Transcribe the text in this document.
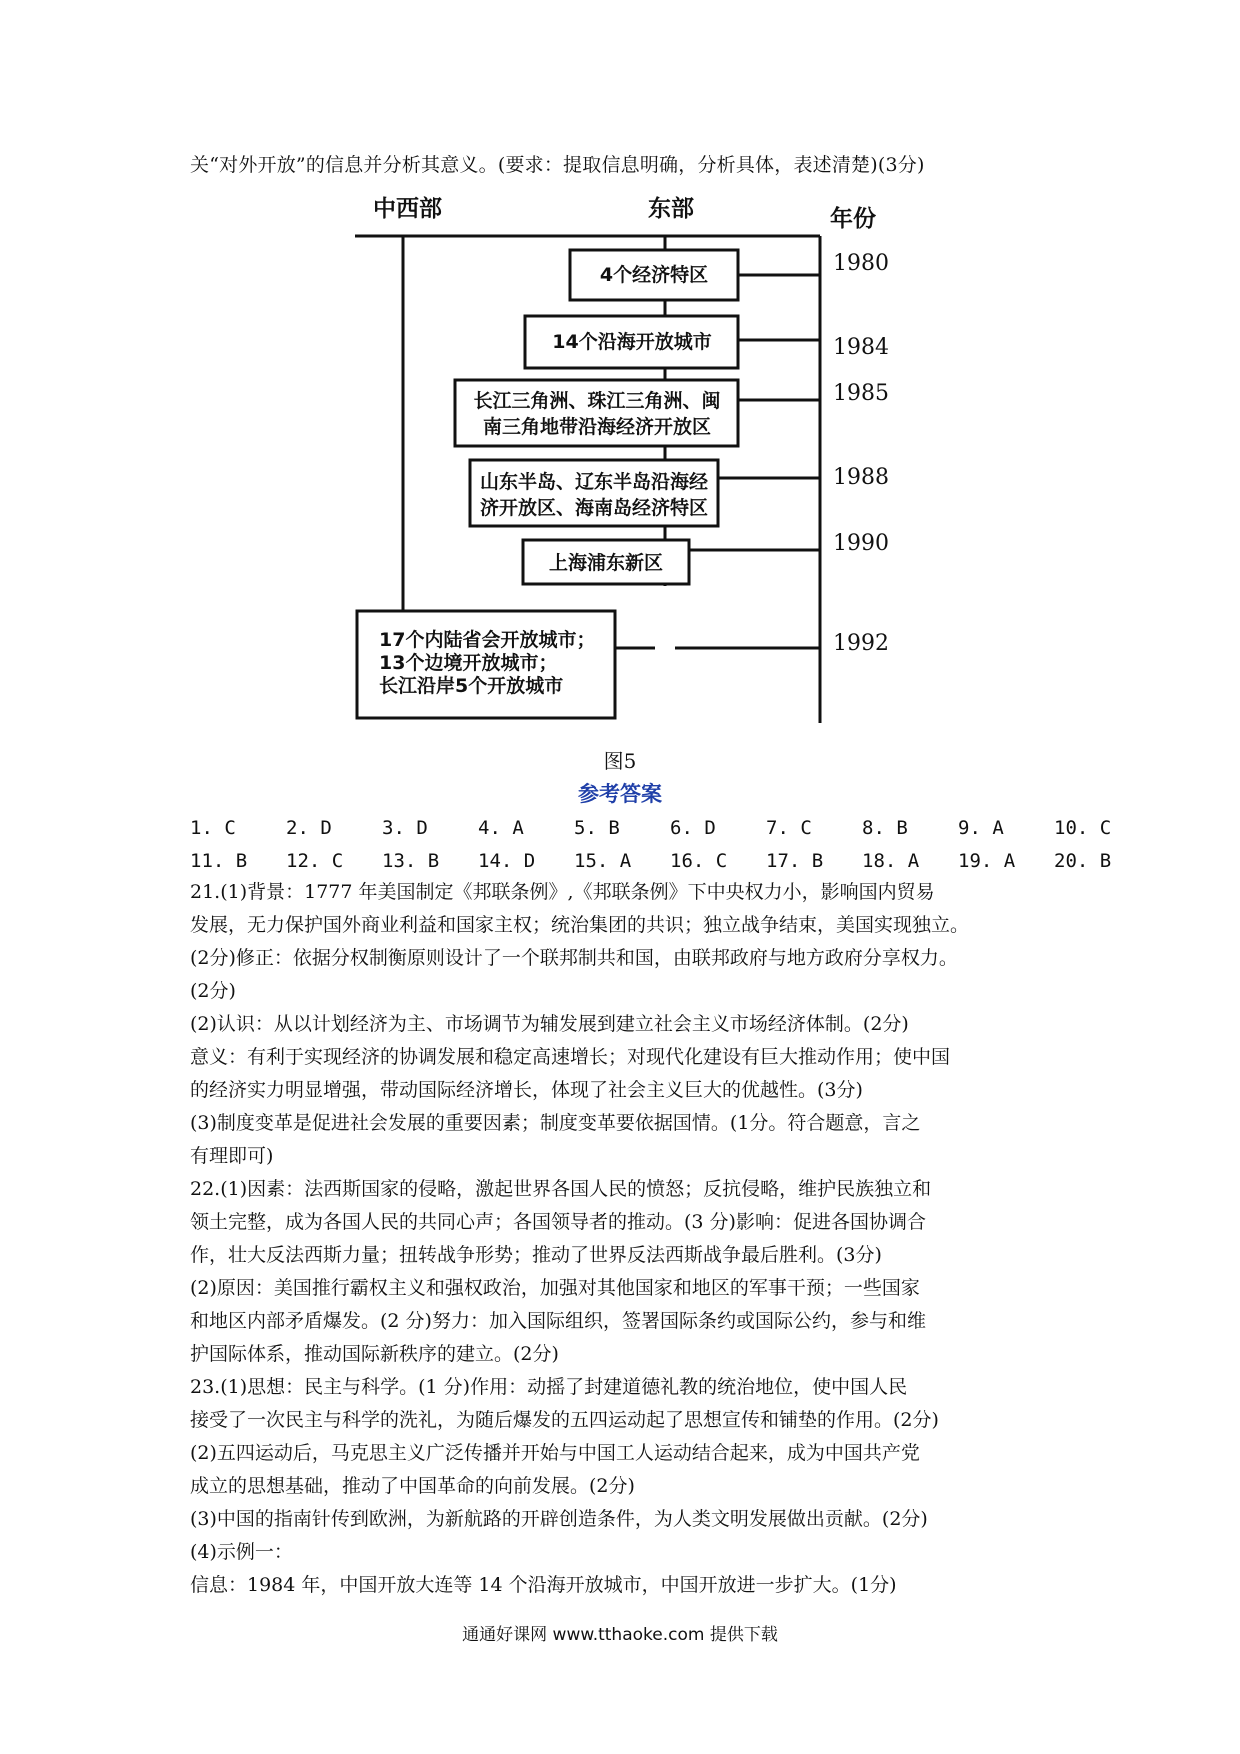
关“对外开放”的信息并分析其意义。(要求：提取信息明确，分析具体，表述清楚)(3分)
中西部	东部	年份
4个经济特区	1980
14个沿海开放城市	1984
长江三角洲、珠江三角洲、闽
南三角地带沿海经济开放区
1985
山东半岛、辽东半岛沿海经
济开放区、海南岛经济特区
1988
上海浦东新区
1990
17个内陆省会开放城市；
13个边境开放城市；
长江沿岸5个开放城市
1992
图5
参考答案
1. C	2. D	3. D	4. A	5. B	6. D	7. C	8. B	9. A	10. C
11. B	12. C	13. B	14. D	15. A	16. C	17. B	18. A	19. A	20. B
21.(1)背景：1777 年美国制定《邦联条例》,《邦联条例》下中央权力小，影响国内贸易
发展，无力保护国外商业利益和国家主权；统治集团的共识；独立战争结束，美国实现独立。
(2分)修正：依据分权制衡原则设计了一个联邦制共和国，由联邦政府与地方政府分享权力。
(2分)
(2)认识：从以计划经济为主、市场调节为辅发展到建立社会主义市场经济体制。(2分)
意义：有利于实现经济的协调发展和稳定高速增长；对现代化建设有巨大推动作用；使中国
的经济实力明显增强，带动国际经济增长，体现了社会主义巨大的优越性。(3分)
(3)制度变革是促进社会发展的重要因素；制度变革要依据国情。(1分。符合题意，言之
有理即可)
22.(1)因素：法西斯国家的侵略，激起世界各国人民的愤怒；反抗侵略，维护民族独立和
领土完整，成为各国人民的共同心声；各国领导者的推动。(3 分)影响：促进各国协调合
作，壮大反法西斯力量；扭转战争形势；推动了世界反法西斯战争最后胜利。(3分)
(2)原因：美国推行霸权主义和强权政治，加强对其他国家和地区的军事干预；一些国家
和地区内部矛盾爆发。(2 分)努力：加入国际组织，签署国际条约或国际公约，参与和维
护国际体系，推动国际新秩序的建立。(2分)
23.(1)思想：民主与科学。(1 分)作用：动摇了封建道德礼教的统治地位，使中国人民
接受了一次民主与科学的洗礼，为随后爆发的五四运动起了思想宣传和铺垫的作用。(2分)
(2)五四运动后，马克思主义广泛传播并开始与中国工人运动结合起来，成为中国共产党
成立的思想基础，推动了中国革命的向前发展。(2分)
(3)中国的指南针传到欧洲，为新航路的开辟创造条件，为人类文明发展做出贡献。(2分)
(4)示例一：
信息：1984 年，中国开放大连等 14 个沿海开放城市，中国开放进一步扩大。(1分)
通通好课网 www.tthaoke.com 提供下载
